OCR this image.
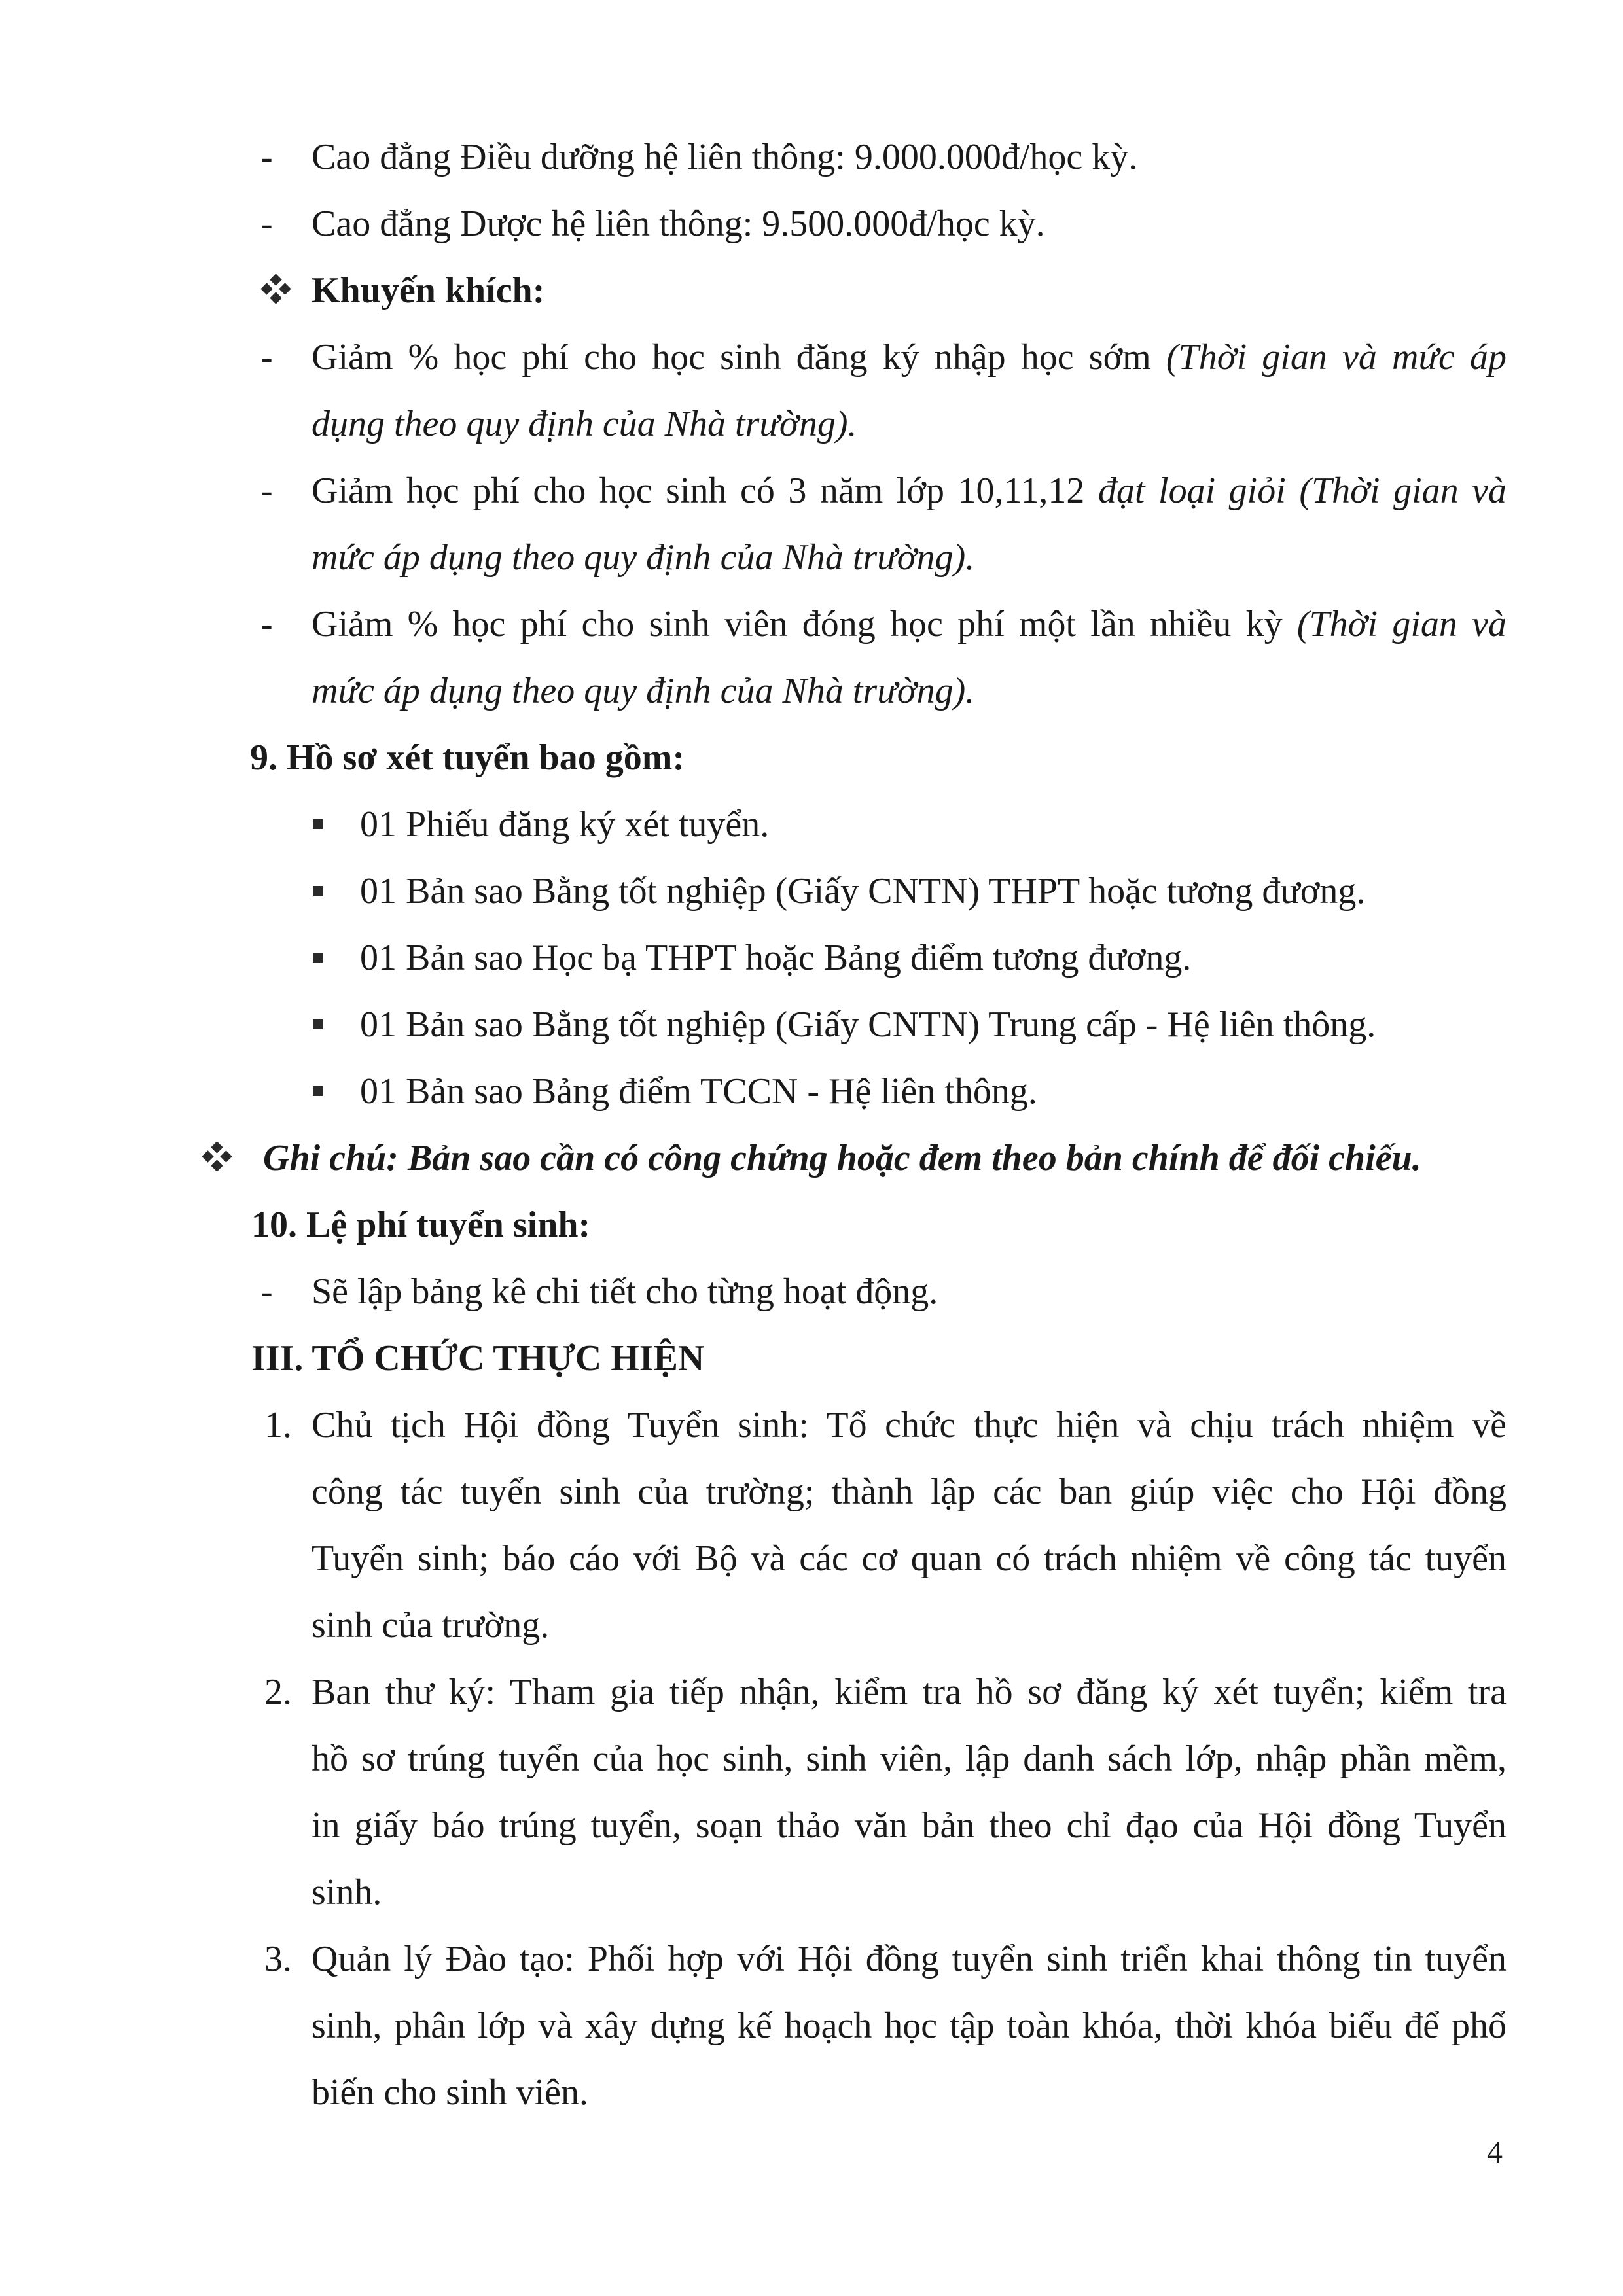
- Cao đẳng Điều dưỡng hệ liên thông: 9.000.000đ/học kỳ.
- Cao đẳng Dược hệ liên thông: 9.500.000đ/học kỳ.
Khuyến khích:
- Giảm % học phí cho học sinh đăng ký nhập học sớm (Thời gian và mức áp
dụng theo quy định của Nhà trường).
- Giảm học phí cho học sinh có 3 năm lớp 10,11,12 đạt loại giỏi (Thời gian và
mức áp dụng theo quy định của Nhà trường).
- Giảm % học phí cho sinh viên đóng học phí một lần nhiều kỳ (Thời gian và
mức áp dụng theo quy định của Nhà trường).
9. Hồ sơ xét tuyển bao gồm:
01 Phiếu đăng ký xét tuyển.
01 Bản sao Bằng tốt nghiệp (Giấy CNTN) THPT hoặc tương đương.
01 Bản sao Học bạ THPT hoặc Bảng điểm tương đương.
01 Bản sao Bằng tốt nghiệp (Giấy CNTN) Trung cấp - Hệ liên thông.
01 Bản sao Bảng điểm TCCN - Hệ liên thông.
Ghi chú: Bản sao cần có công chứng hoặc đem theo bản chính để đối chiếu.
10. Lệ phí tuyển sinh:
- Sẽ lập bảng kê chi tiết cho từng hoạt động.
III. TỔ CHỨC THỰC HIỆN
1. Chủ tịch Hội đồng Tuyển sinh: Tổ chức thực hiện và chịu trách nhiệm về
công tác tuyển sinh của trường; thành lập các ban giúp việc cho Hội đồng
Tuyển sinh; báo cáo với Bộ và các cơ quan có trách nhiệm về công tác tuyển
sinh của trường.
2. Ban thư ký: Tham gia tiếp nhận, kiểm tra hồ sơ đăng ký xét tuyển; kiểm tra
hồ sơ trúng tuyển của học sinh, sinh viên, lập danh sách lớp, nhập phần mềm,
in giấy báo trúng tuyển, soạn thảo văn bản theo chỉ đạo của Hội đồng Tuyển
sinh.
3. Quản lý Đào tạo: Phối hợp với Hội đồng tuyển sinh triển khai thông tin tuyển
sinh, phân lớp và xây dựng kế hoạch học tập toàn khóa, thời khóa biểu để phổ
biến cho sinh viên.
4
